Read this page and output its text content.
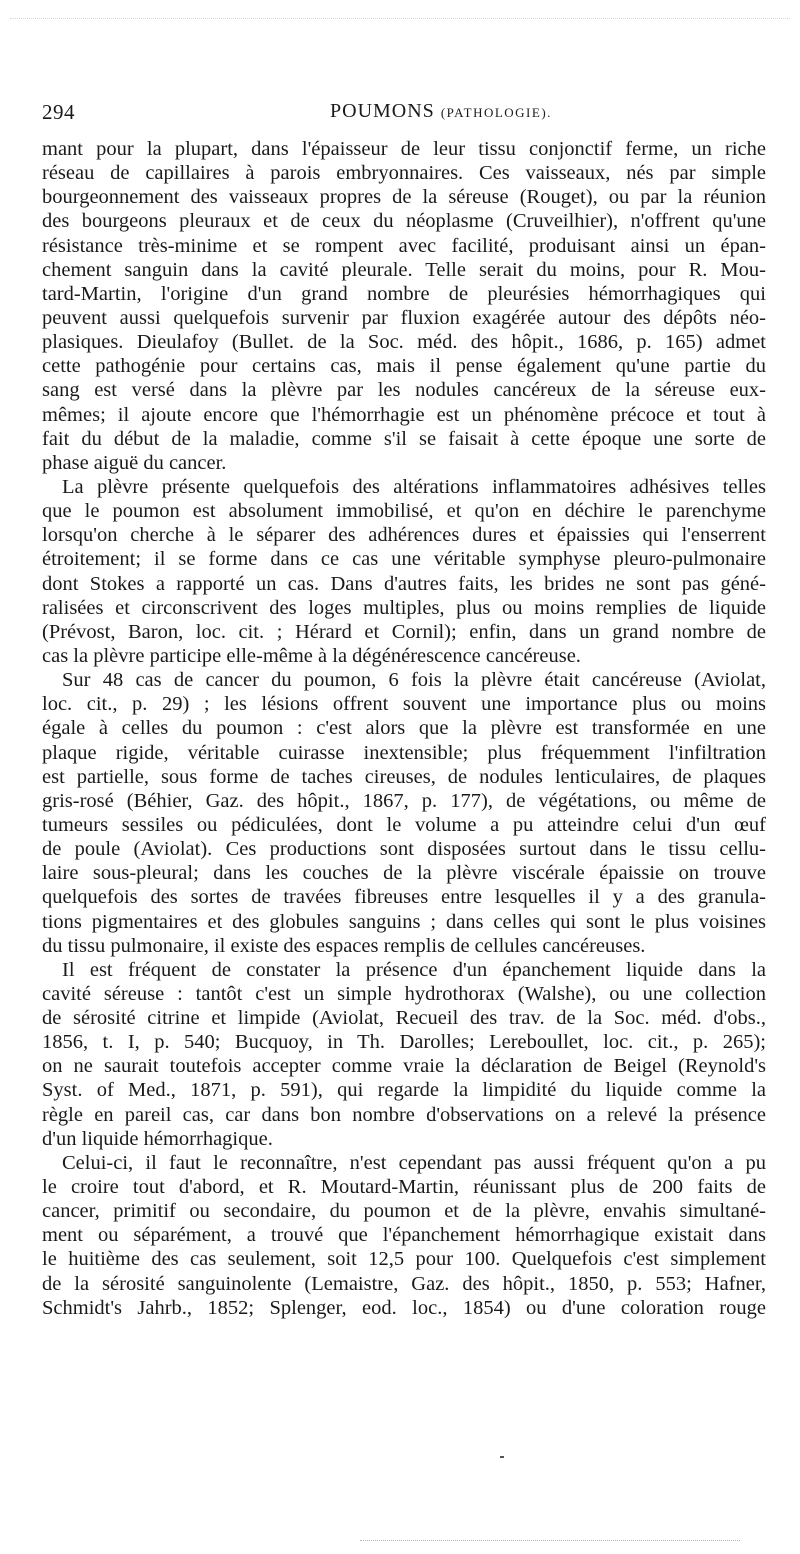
294	POUMONS (PATHOLOGIE).
mant pour la plupart, dans l'épaisseur de leur tissu conjonctif ferme, un riche
réseau de capillaires à parois embryonnaires. Ces vaisseaux, nés par simple
bourgeonnement des vaisseaux propres de la séreuse (Rouget), ou par la réunion
des bourgeons pleuraux et de ceux du néoplasme (Cruveilhier), n'offrent qu'une
résistance très-minime et se rompent avec facilité, produisant ainsi un épan-
chement sanguin dans la cavité pleurale. Telle serait du moins, pour R. Mou-
tard-Martin, l'origine d'un grand nombre de pleurésies hémorrhagiques qui
peuvent aussi quelquefois survenir par fluxion exagérée autour des dépôts néo-
plasiques. Dieulafoy (Bullet. de la Soc. méd. des hôpit., 1686, p. 165) admet
cette pathogénie pour certains cas, mais il pense également qu'une partie du
sang est versé dans la plèvre par les nodules cancéreux de la séreuse eux-
mêmes; il ajoute encore que l'hémorrhagie est un phénomène précoce et tout à
fait du début de la maladie, comme s'il se faisait à cette époque une sorte de
phase aiguë du cancer.
La plèvre présente quelquefois des altérations inflammatoires adhésives telles
que le poumon est absolument immobilisé, et qu'on en déchire le parenchyme
lorsqu'on cherche à le séparer des adhérences dures et épaissies qui l'enserrent
étroitement; il se forme dans ce cas une véritable symphyse pleuro-pulmonaire
dont Stokes a rapporté un cas. Dans d'autres faits, les brides ne sont pas géné-
ralisées et circonscrivent des loges multiples, plus ou moins remplies de liquide
(Prévost, Baron, loc. cit. ; Hérard et Cornil); enfin, dans un grand nombre de
cas la plèvre participe elle-même à la dégénérescence cancéreuse.
Sur 48 cas de cancer du poumon, 6 fois la plèvre était cancéreuse (Aviolat,
loc. cit., p. 29) ; les lésions offrent souvent une importance plus ou moins
égale à celles du poumon : c'est alors que la plèvre est transformée en une
plaque rigide, véritable cuirasse inextensible; plus fréquemment l'infiltration
est partielle, sous forme de taches cireuses, de nodules lenticulaires, de plaques
gris-rosé (Béhier, Gaz. des hôpit., 1867, p. 177), de végétations, ou même de
tumeurs sessiles ou pédiculées, dont le volume a pu atteindre celui d'un œuf
de poule (Aviolat). Ces productions sont disposées surtout dans le tissu cellu-
laire sous-pleural; dans les couches de la plèvre viscérale épaissie on trouve
quelquefois des sortes de travées fibreuses entre lesquelles il y a des granula-
tions pigmentaires et des globules sanguins ; dans celles qui sont le plus voisines
du tissu pulmonaire, il existe des espaces remplis de cellules cancéreuses.
Il est fréquent de constater la présence d'un épanchement liquide dans la
cavité séreuse : tantôt c'est un simple hydrothorax (Walshe), ou une collection
de sérosité citrine et limpide (Aviolat, Recueil des trav. de la Soc. méd. d'obs.,
1856, t. I, p. 540; Bucquoy, in Th. Darolles; Lereboullet, loc. cit., p. 265);
on ne saurait toutefois accepter comme vraie la déclaration de Beigel (Reynold's
Syst. of Med., 1871, p. 591), qui regarde la limpidité du liquide comme la
règle en pareil cas, car dans bon nombre d'observations on a relevé la présence
d'un liquide hémorrhagique.
Celui-ci, il faut le reconnaître, n'est cependant pas aussi fréquent qu'on a pu
le croire tout d'abord, et R. Moutard-Martin, réunissant plus de 200 faits de
cancer, primitif ou secondaire, du poumon et de la plèvre, envahis simultané-
ment ou séparément, a trouvé que l'épanchement hémorrhagique existait dans
le huitième des cas seulement, soit 12,5 pour 100. Quelquefois c'est simplement
de la sérosité sanguinolente (Lemaistre, Gaz. des hôpit., 1850, p. 553; Hafner,
Schmidt's Jahrb., 1852; Splenger, eod. loc., 1854) ou d'une coloration rouge
